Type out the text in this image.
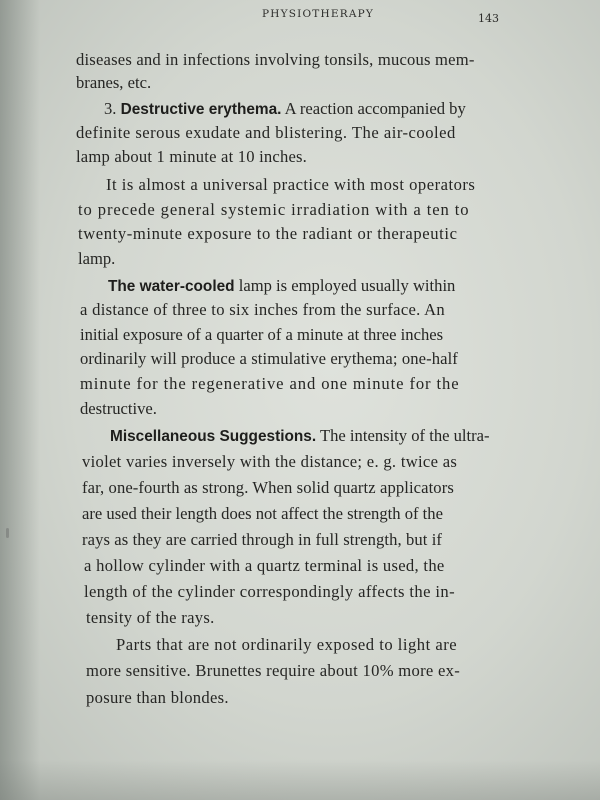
PHYSIOTHERAPY	143
diseases and in infections involving tonsils, mucous mem-
branes, etc.
3. Destructive erythema. A reaction accompanied by
definite serous exudate and blistering. The air-cooled
lamp about 1 minute at 10 inches.
It is almost a universal practice with most operators
to precede general systemic irradiation with a ten to
twenty-minute exposure to the radiant or therapeutic
lamp.
The water-cooled lamp is employed usually within
a distance of three to six inches from the surface. An
initial exposure of a quarter of a minute at three inches
ordinarily will produce a stimulative erythema; one-half
minute for the regenerative and one minute for the
destructive.
Miscellaneous Suggestions. The intensity of the ultra-
violet varies inversely with the distance; e. g. twice as
far, one-fourth as strong. When solid quartz applicators
are used their length does not affect the strength of the
rays as they are carried through in full strength, but if
a hollow cylinder with a quartz terminal is used, the
length of the cylinder correspondingly affects the in-
tensity of the rays.
Parts that are not ordinarily exposed to light are
more sensitive. Brunettes require about 10% more ex-
posure than blondes.
